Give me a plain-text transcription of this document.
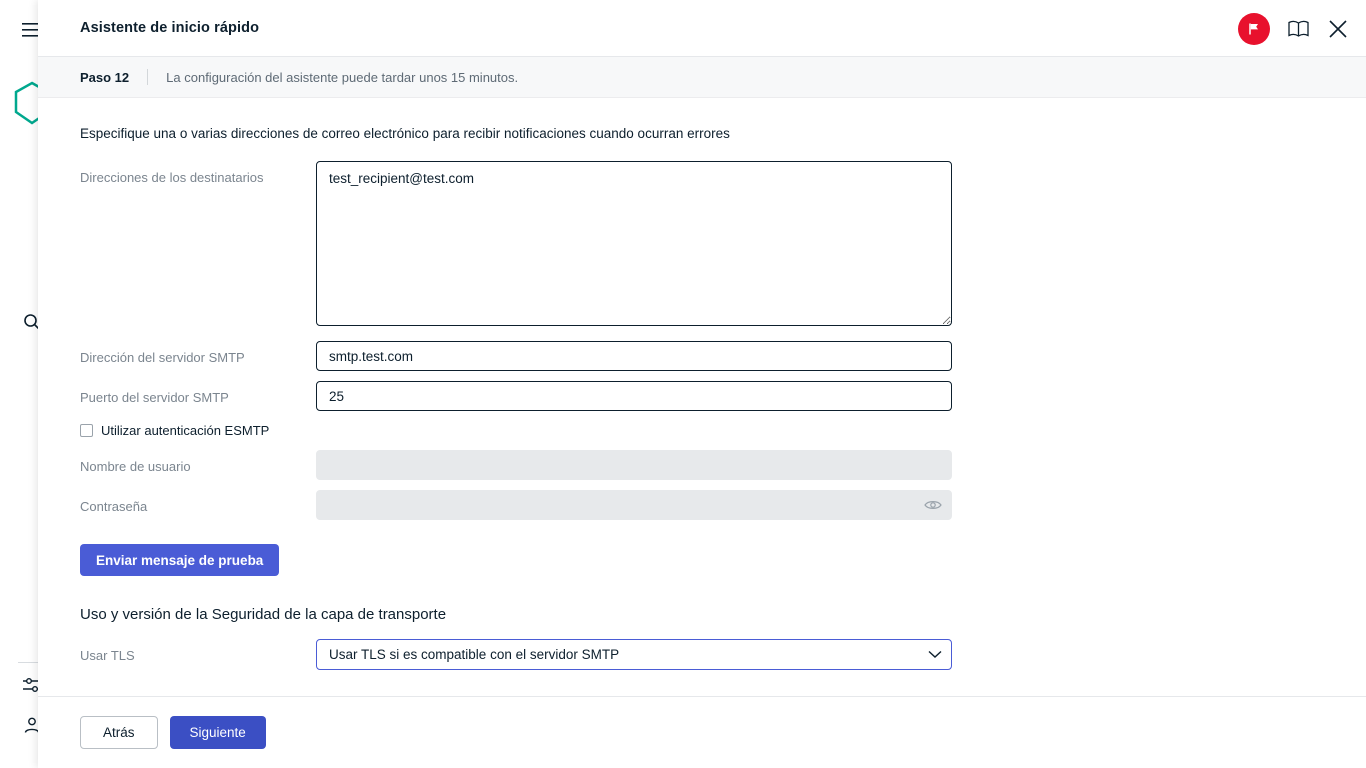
Asistente de inicio rápido
Paso 12	La configuración del asistente puede tardar unos 15 minutos.
Especifique una o varias direcciones de correo electrónico para recibir notificaciones cuando ocurran errores
Direcciones de los destinatarios
test_recipient@test.com
Dirección del servidor SMTP
smtp.test.com
Puerto del servidor SMTP
25
Utilizar autenticación ESMTP
Nombre de usuario
Contraseña
Enviar mensaje de prueba
Uso y versión de la Seguridad de la capa de transporte
Usar TLS
Usar TLS si es compatible con el servidor SMTP
Atrás	Siguiente
